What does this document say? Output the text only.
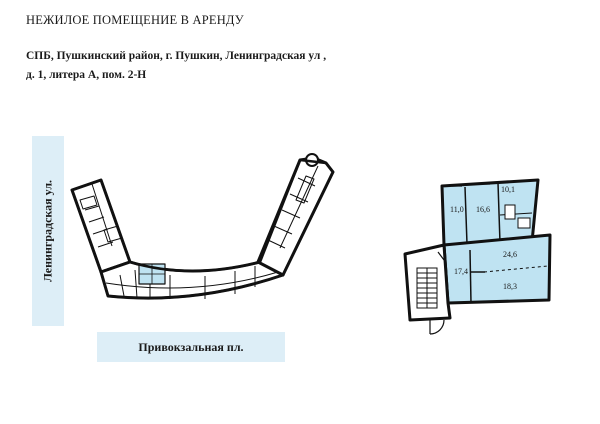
НЕЖИЛОЕ ПОМЕЩЕНИЕ В АРЕНДУ
СПБ, Пушкинский район, г. Пушкин, Ленинградская ул ,
д. 1, литера А, пом. 2-Н
Ленинградская ул.
Привокзальная пл.
11,0 16,6
10,1
24,6
17,4
18,3
